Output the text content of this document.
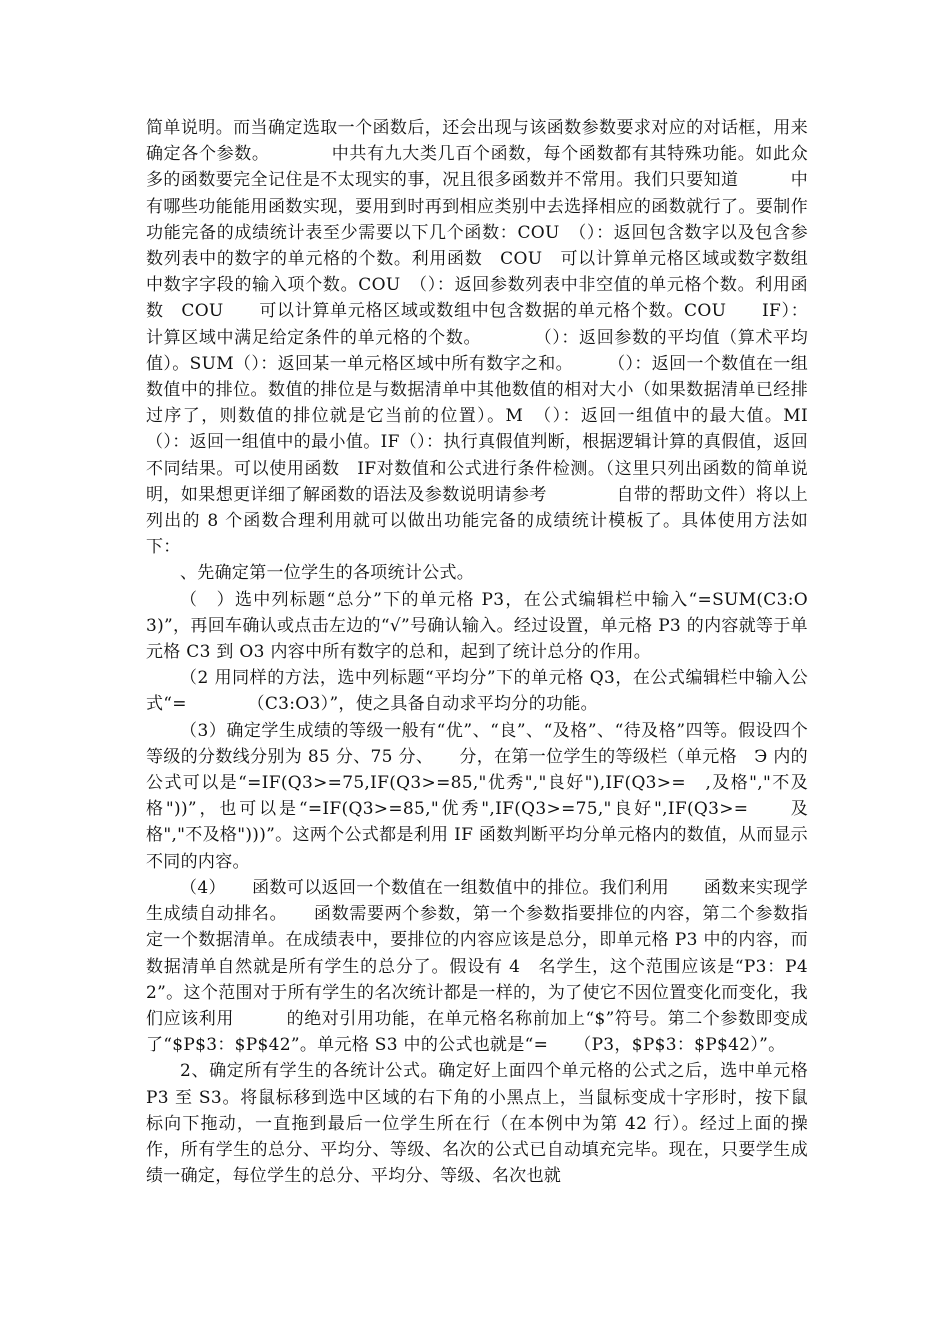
简单说明。而当确定选取一个函数后，还会出现与该函数参数要求对应的对话框，用来确定各个参数。　　　　中共有九大类几百个函数，每个函数都有其特殊功能。如此众多的函数要完全记住是不太现实的事，况且很多函数并不常用。我们只要知道　　　中有哪些功能能用函数实现，要用到时再到相应类别中去选择相应的函数就行了。要制作功能完备的成绩统计表至少需要以下几个函数：COU　（）：返回包含数字以及包含参数列表中的数字的单元格的个数。利用函数　COU　可以计算单元格区域或数字数组中数字字段的输入项个数。COU　（）：返回参数列表中非空值的单元格个数。利用函数　COU　　可以计算单元格区域或数组中包含数据的单元格个数。COU　　IF）：计算区域中满足给定条件的单元格的个数。　　　　（）：返回参数的平均值（算术平均值）。SUM（）：返回某一单元格区域中所有数字之和。　　　（）：返回一个数值在一组数值中的排位。数值的排位是与数据清单中其他数值的相对大小（如果数据清单已经排过序了，则数值的排位就是它当前的位置）。M　（）：返回一组值中的最大值。MI（）：返回一组值中的最小值。IF（）：执行真假值判断，根据逻辑计算的真假值，返回不同结果。可以使用函数　IF对数值和公式进行条件检测。（这里只列出函数的简单说明，如果想更详细了解函数的语法及参数说明请参考　　　　自带的帮助文件）将以上列出的 8 个函数合理利用就可以做出功能完备的成绩统计模板了。具体使用方法如下：

、先确定第一位学生的各项统计公式。

（　）选中列标题“总分”下的单元格 P3，在公式编辑栏中输入“=SUM(C3:O3)”，再回车确认或点击左边的“√”号确认输入。经过设置，单元格 P3 的内容就等于单元格 C3 到 O3 内容中所有数字的总和，起到了统计总分的作用。

（2 用同样的方法，选中列标题“平均分”下的单元格 Q3，在公式编辑栏中输入公式“=　　　　（C3:O3）”，使之具备自动求平均分的功能。

（3）确定学生成绩的等级一般有“优”、“良”、“及格”、“待及格”四等。假设四个等级的分数线分别为 85 分、75 分、　　分，在第一位学生的等级栏（单元格　Э 内的公式可以是“=IF(Q3>=75,IF(Q3>=85,"优秀","良好"),IF(Q3>=　,及格","不及格"))”，也可以是“=IF(Q3>=85,"优秀",IF(Q3>=75,"良好",IF(Q3>=　　及格","不及格")))”。这两个公式都是利用 IF 函数判断平均分单元格内的数值，从而显示不同的内容。

（4）　　函数可以返回一个数值在一组数值中的排位。我们利用　　函数来实现学生成绩自动排名。　　函数需要两个参数，第一个参数指要排位的内容，第二个参数指定一个数据清单。在成绩表中，要排位的内容应该是总分，即单元格 P3 中的内容，而数据清单自然就是所有学生的总分了。假设有 4　名学生，这个范围应该是“P3：P42”。这个范围对于所有学生的名次统计都是一样的，为了使它不因位置变化而变化，我们应该利用　　　的绝对引用功能，在单元格名称前加上“$”符号。第二个参数即变成了“$P$3：$P$42”。单元格 S3 中的公式也就是“=　　（P3，$P$3：$P$42）”。

2、确定所有学生的各统计公式。确定好上面四个单元格的公式之后，选中单元格 P3 至 S3。将鼠标移到选中区域的右下角的小黑点上，当鼠标变成十字形时，按下鼠标向下拖动，一直拖到最后一位学生所在行（在本例中为第 42 行）。经过上面的操作，所有学生的总分、平均分、等级、名次的公式已自动填充完毕。现在，只要学生成绩一确定，每位学生的总分、平均分、等级、名次也就
